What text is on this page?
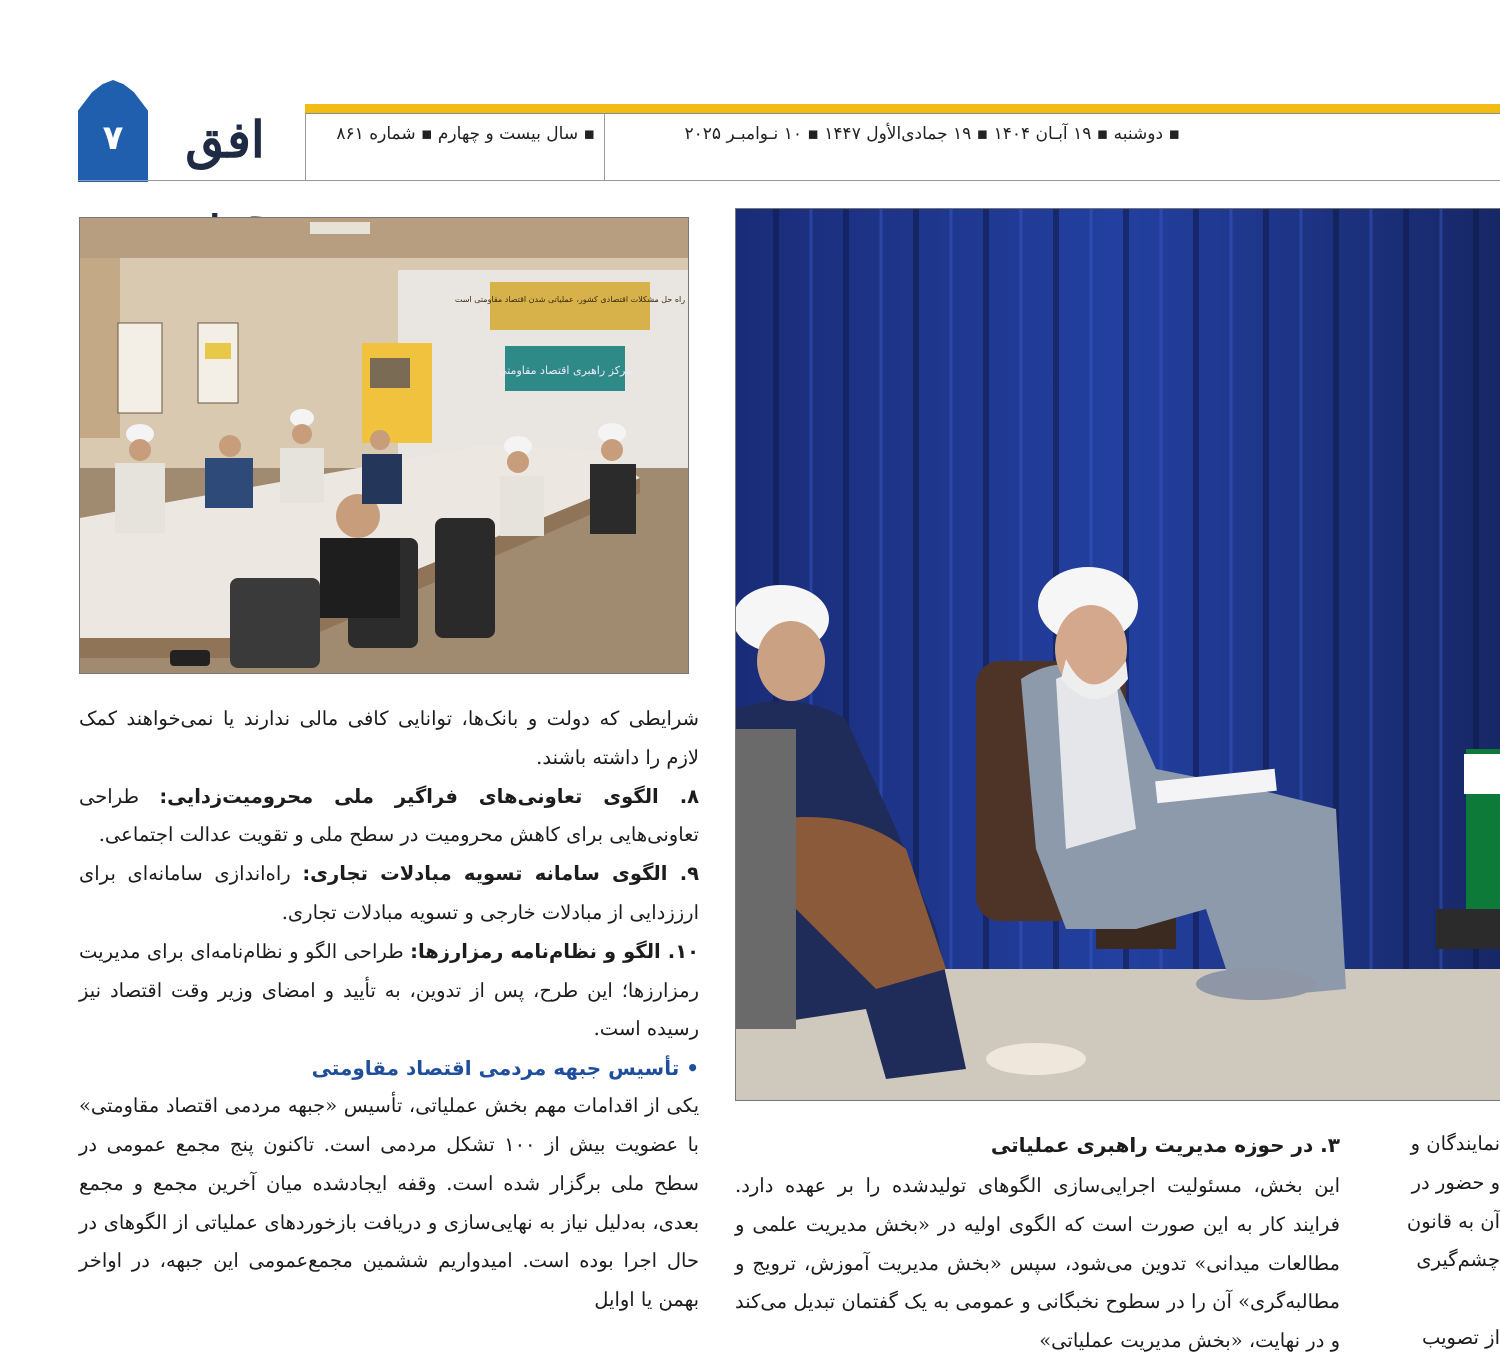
۷	افق	▪ دوشنبه ▪ ۱۹ آبـان ۱۴۰۴ ▪ ۱۹ جمادی‌الأول ۱۴۴۷ ▪ ۱۰ نـوامبـر ۲۰۲۵
▪ سال بیست و چهارم ▪ شماره ۸۶۱
راه حل مشکلات اقتصادی کشور، عملیاتی شدن اقتصاد مقاومتی است
مرکز راهبری اقتصاد مقاومتی

شرایطی که دولت و بانک‌ها، توانایی کافی مالی ندارند یا نمی‌خواهند کمک لازم را داشته باشند.

۸. الگوی تعاونی‌های فراگیر ملی محرومیت‌زدایی: طراحی تعاونی‌هایی برای کاهش محرومیت در سطح ملی و تقویت عدالت اجتماعی.

۹. الگوی سامانه تسویه مبادلات تجاری: راه‌اندازی سامانه‌ای برای ارززدایی از مبادلات خارجی و تسویه مبادلات تجاری.

۱۰. الگو و نظام‌نامه رمزارزها: طراحی الگو و نظام‌نامه‌ای برای مدیریت رمزارزها؛ این طرح، پس از تدوین، به تأیید و امضای وزیر وقت اقتصاد نیز رسیده است.

• تأسیس جبهه مردمی اقتصاد مقاومتی

یکی از اقدامات مهم بخش عملیاتی، تأسیس «جبهه مردمی اقتصاد مقاومتی» با عضویت بیش از ۱۰۰ تشکل مردمی است. تاکنون پنج مجمع عمومی در سطح ملی برگزار شده است. وقفه ایجادشده میان آخرین مجمع و مجمع بعدی، به‌دلیل نیاز به نهایی‌سازی و دریافت بازخوردهای عملیاتی از الگوهای در حال اجرا بوده است. امیدواریم ششمین مجمع‌عمومی این جبهه، در اواخر بهمن یا اوایل

۳. در حوزه مدیریت راهبری عملیاتی

این بخش، مسئولیت اجرایی‌سازی الگوهای تولیدشده را بر عهده دارد. فرایند کار به این صورت است که الگوی اولیه در «بخش مدیریت علمی و مطالعات میدانی» تدوین می‌شود، سپس «بخش مدیریت آموزش، ترویج و مطالبه‌گری» آن را در سطوح نخبگانی و عمومی به یک گفتمان تبدیل می‌کند و در نهایت، «بخش مدیریت عملیاتی»

نمایندگان و

و حضور در

آن به قانون

چشم‌گیری

از تصویب
